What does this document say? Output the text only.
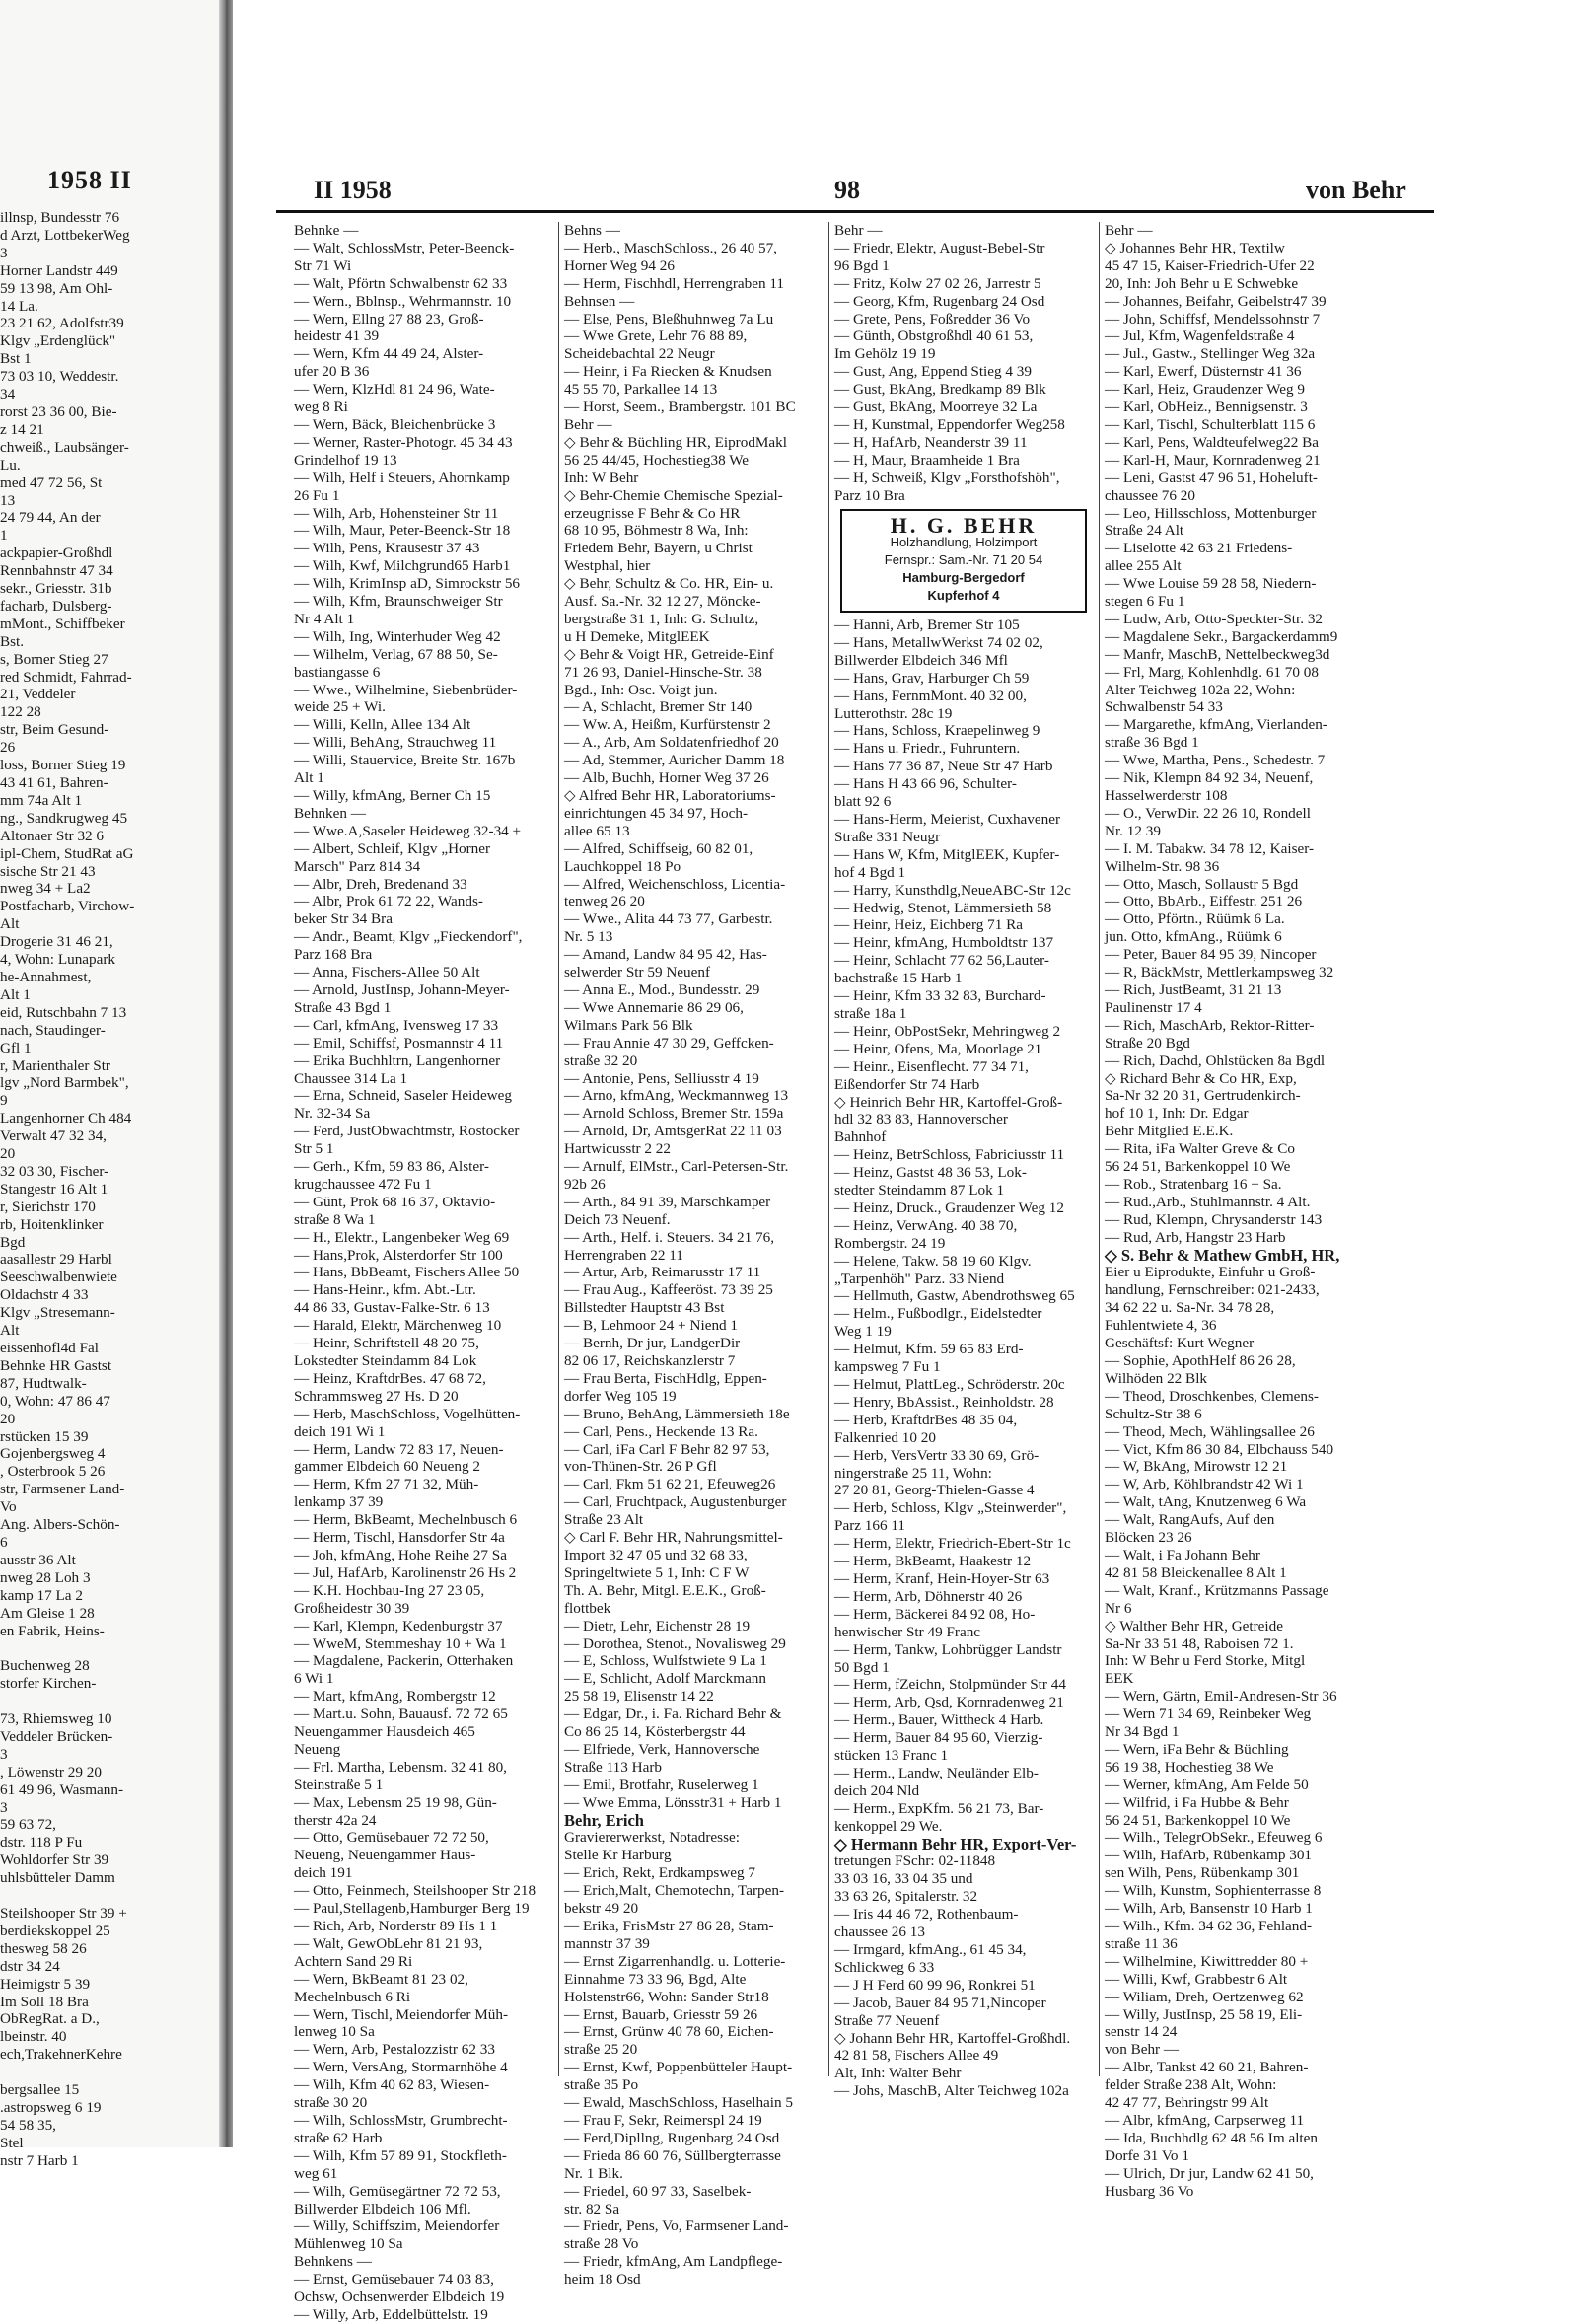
1958 II
illnsp, Bundesstr 76
d Arzt, LottbekerWeg
3
Horner Landstr 449
59 13 98, Am Ohl-
14 La.
23 21 62, Adolfstr39
Klgv „Erdenglück"
Bst 1
73 03 10, Weddestr.
34
rorst 23 36 00, Bie-
z 14 21
chweiß., Laubsänger-
Lu.
med 47 72 56, St
13
24 79 44, An der
1
ackpapier-Großhdl
Rennbahnstr 47 34
sekr., Griesstr. 31b
facharb, Dulsberg-
mMont., Schiffbeker
Bst.
s, Borner Stieg 27
red Schmidt, Fahrrad-
21, Veddeler
122 28
str, Beim Gesund-
26
loss, Borner Stieg 19
43 41 61, Bahren-
mm 74a Alt 1
ng., Sandkrugweg 45
Altonaer Str 32 6
ipl-Chem, StudRat aG
sische Str 21 43
nweg 34 + La2
Postfacharb, Virchow-
Alt
Drogerie 31 46 21,
4, Wohn: Lunapark
he-Annahmest,
Alt 1
eid, Rutschbahn 7 13
nach, Staudinger-
Gfl 1
r, Marienthaler Str
lgv „Nord Barmbek",
9
Langenhorner Ch 484
Verwalt 47 32 34,
20
32 03 30, Fischer-
Stangestr 16 Alt 1
r, Sierichstr 170
rb, Hoitenklinker
Bgd
aasallestr 29 Harbl
Seeschwalbenwiete
Oldachstr 4 33
Klgv „Stresemann-
Alt
eissenhofl4d Fal
Behnke HR Gastst
87, Hudtwalk-
0, Wohn: 47 86 47
20
rstücken 15 39
Gojenbergsweg 4
, Osterbrook 5 26
str, Farmsener Land-
Vo
Ang. Albers-Schön-
6
ausstr 36 Alt
nweg 28 Loh 3
kamp 17 La 2
Am Gleise 1 28
en Fabrik, Heins-

Buchenweg 28
storfer Kirchen-

73, Rhiemsweg 10
Veddeler Brücken-
3
, Löwenstr 29 20
61 49 96, Wasmann-
3
59 63 72,
dstr. 118 P Fu
Wohldorfer Str 39
uhlsbütteler Damm

Steilshooper Str 39 +
berdiekskoppel 25
thesweg 58 26
dstr 34 24
Heimigstr 5 39
Im Soll 18 Bra
ObRegRat. a D.,
lbeinstr. 40
ech,TrakehnerKehre

bergsallee 15
.astropsweg 6 19
54 58 35,
Stel
nstr 7 Harb 1
II 1958	98	von Behr
Behnke —
— Walt, SchlossMstr, Peter-Beenck-
Str 71 Wi
— Walt, Pförtn Schwalbenstr 62 33
— Wern., Bblnsp., Wehrmannstr. 10
— Wern, Ellng 27 88 23, Groß-
heidestr 41 39
— Wern, Kfm 44 49 24, Alster-
ufer 20 B 36
— Wern, KlzHdl 81 24 96, Wate-
weg 8 Ri
— Wern, Bäck, Bleichenbrücke 3
— Werner, Raster-Photogr. 45 34 43
Grindelhof 19 13
— Wilh, Helf i Steuers, Ahornkamp
26 Fu 1
— Wilh, Arb, Hohensteiner Str 11
— Wilh, Maur, Peter-Beenck-Str 18
— Wilh, Pens, Krausestr 37 43
— Wilh, Kwf, Milchgrund65 Harb1
— Wilh, KrimInsp aD, Simrockstr 56
— Wilh, Kfm, Braunschweiger Str
Nr 4 Alt 1
— Wilh, Ing, Winterhuder Weg 42
— Wilhelm, Verlag, 67 88 50, Se-
bastiangasse 6
— Wwe., Wilhelmine, Siebenbrüder-
weide 25 + Wi.
— Willi, Kelln, Allee 134 Alt
— Willi, BehAng, Strauchweg 11
— Willi, Stauervice, Breite Str. 167b
Alt 1
— Willy, kfmAng, Berner Ch 15
Behnken —
— Wwe.A,Saseler Heideweg 32-34 +
— Albert, Schleif, Klgv „Horner
Marsch" Parz 814 34
— Albr, Dreh, Bredenand 33
— Albr, Prok 61 72 22, Wands-
beker Str 34 Bra
— Andr., Beamt, Klgv „Fieckendorf",
Parz 168 Bra
— Anna, Fischers-Allee 50 Alt
— Arnold, JustInsp, Johann-Meyer-
Straße 43 Bgd 1
— Carl, kfmAng, Ivensweg 17 33
— Emil, Schiffsf, Posmannstr 4 11
— Erika Buchhltrn, Langenhorner
Chaussee 314 La 1
— Erna, Schneid, Saseler Heideweg
Nr. 32-34 Sa
— Ferd, JustObwachtmstr, Rostocker
Str 5 1
— Gerh., Kfm, 59 83 86, Alster-
krugchaussee 472 Fu 1
— Günt, Prok 68 16 37, Oktavio-
straße 8 Wa 1
— H., Elektr., Langenbeker Weg 69
— Hans,Prok, Alsterdorfer Str 100
— Hans, BbBeamt, Fischers Allee 50
— Hans-Heinr., kfm. Abt.-Ltr.
44 86 33, Gustav-Falke-Str. 6 13
— Harald, Elektr, Märchenweg 10
— Heinr, Schriftstell 48 20 75,
Lokstedter Steindamm 84 Lok
— Heinz, KraftdrBes. 47 68 72,
Schrammsweg 27 Hs. D 20
— Herb, MaschSchloss, Vogelhütten-
deich 191 Wi 1
— Herm, Landw 72 83 17, Neuen-
gammer Elbdeich 60 Neueng 2
— Herm, Kfm 27 71 32, Müh-
lenkamp 37 39
— Herm, BkBeamt, Mechelnbusch 6
— Herm, Tischl, Hansdorfer Str 4a
— Joh, kfmAng, Hohe Reihe 27 Sa
— Jul, HafArb, Karolinenstr 26 Hs 2
— K.H. Hochbau-Ing 27 23 05,
Großheidestr 30 39
— Karl, Klempn, Kedenburgstr 37
— WweM, Stemmeshay 10 + Wa 1
— Magdalene, Packerin, Otterhaken
6 Wi 1
— Mart, kfmAng, Rombergstr 12
— Mart.u. Sohn, Bauausf. 72 72 65
Neuengammer Hausdeich 465
Neueng
— Frl. Martha, Lebensm. 32 41 80,
Steinstraße 5 1
— Max, Lebensm 25 19 98, Gün-
therstr 42a 24
— Otto, Gemüsebauer 72 72 50,
Neueng, Neuengammer Haus-
deich 191
— Otto, Feinmech, Steilshooper Str 218
— Paul,Stellagenb,Hamburger Berg 19
— Rich, Arb, Norderstr 89 Hs 1 1
— Walt, GewObLehr 81 21 93,
Achtern Sand 29 Ri
— Wern, BkBeamt 81 23 02,
Mechelnbusch 6 Ri
— Wern, Tischl, Meiendorfer Müh-
lenweg 10 Sa
— Wern, Arb, Pestalozzistr 62 33
— Wern, VersAng, Stormarnhöhe 4
— Wilh, Kfm 40 62 83, Wiesen-
straße 30 20
— Wilh, SchlossMstr, Grumbrecht-
straße 62 Harb
— Wilh, Kfm 57 89 91, Stockfleth-
weg 61
— Wilh, Gemüsegärtner 72 72 53,
Billwerder Elbdeich 106 Mfl.
— Willy, Schiffszim, Meiendorfer
Mühlenweg 10 Sa
Behnkens —
— Ernst, Gemüsebauer 74 03 83,
Ochsw, Ochsenwerder Elbdeich 19
— Willy, Arb, Eddelbüttelstr. 19
Behns —
— Herb., MaschSchloss., 26 40 57,
Horner Weg 94 26
— Herm, Fischhdl, Herrengraben 11
Behnsen —
— Else, Pens, Bleßhuhnweg 7a Lu
— Wwe Grete, Lehr 76 88 89,
Scheidebachtal 22 Neugr
— Heinr, i Fa Riecken & Knudsen
45 55 70, Parkallee 14 13
— Horst, Seem., Brambergstr. 101 BC
Behr —
◇ Behr & Büchling HR, EiprodMakl
56 25 44/45, Hochestieg38 We
Inh: W Behr
◇ Behr-Chemie Chemische Spezial-
erzeugnisse F Behr & Co HR
68 10 95, Böhmestr 8 Wa, Inh:
Friedem Behr, Bayern, u Christ
Westphal, hier
◇ Behr, Schultz & Co. HR, Ein- u.
Ausf. Sa.-Nr. 32 12 27, Möncke-
bergstraße 31 1, Inh: G. Schultz,
u H Demeke, MitglEEK
◇ Behr & Voigt HR, Getreide-Einf
71 26 93, Daniel-Hinsche-Str. 38
Bgd., Inh: Osc. Voigt jun.
— A, Schlacht, Bremer Str 140
— Ww. A, Heißm, Kurfürstenstr 2
— A., Arb, Am Soldatenfriedhof 20
— Ad, Stemmer, Auricher Damm 18
— Alb, Buchh, Horner Weg 37 26
◇ Alfred Behr HR, Laboratoriums-
einrichtungen 45 34 97, Hoch-
allee 65 13
— Alfred, Schiffseig, 60 82 01,
Lauchkoppel 18 Po
— Alfred, Weichenschloss, Licentia-
tenweg 26 20
— Wwe., Alita 44 73 77, Garbestr.
Nr. 5 13
— Amand, Landw 84 95 42, Has-
selwerder Str 59 Neuenf
— Anna E., Mod., Bundesstr. 29
— Wwe Annemarie 86 29 06,
Wilmans Park 56 Blk
— Frau Annie 47 30 29, Geffcken-
straße 32 20
— Antonie, Pens, Selliusstr 4 19
— Arno, kfmAng, Weckmannweg 13
— Arnold Schloss, Bremer Str. 159a
— Arnold, Dr, AmtsgerRat 22 11 03
Hartwicusstr 2 22
— Arnulf, ElMstr., Carl-Petersen-Str.
92b 26
— Arth., 84 91 39, Marschkamper
Deich 73 Neuenf.
— Arth., Helf. i. Steuers. 34 21 76,
Herrengraben 22 11
— Artur, Arb, Reimarusstr 17 11
— Frau Aug., Kaffeeröst. 73 39 25
Billstedter Hauptstr 43 Bst
— B, Lehmoor 24 + Niend 1
— Bernh, Dr jur, LandgerDir
82 06 17, Reichskanzlerstr 7
— Frau Berta, FischHdlg, Eppen-
dorfer Weg 105 19
— Bruno, BehAng, Lämmersieth 18e
— Carl, Pens., Heckende 13 Ra.
— Carl, iFa Carl F Behr 82 97 53,
von-Thünen-Str. 26 P Gfl
— Carl, Fkm 51 62 21, Efeuweg26
— Carl, Fruchtpack, Augustenburger
Straße 23 Alt
◇ Carl F. Behr HR, Nahrungsmittel-
Import 32 47 05 und 32 68 33,
Springeltwiete 5 1, Inh: C F W
Th. A. Behr, Mitgl. E.E.K., Groß-
flottbek
— Dietr, Lehr, Eichenstr 28 19
— Dorothea, Stenot., Novalisweg 29
— E, Schloss, Wulfstwiete 9 La 1
— E, Schlicht, Adolf Marckmann
25 58 19, Elisenstr 14 22
— Edgar, Dr., i. Fa. Richard Behr &
Co 86 25 14, Kösterbergstr 44
— Elfriede, Verk, Hannoversche
Straße 113 Harb
— Emil, Brotfahr, Ruselerweg 1
— Wwe Emma, Lönsstr31 + Harb 1
Behr, Erich
Graviererwerkst, Notadresse:
Stelle Kr Harburg
— Erich, Rekt, Erdkampsweg 7
— Erich,Malt, Chemotechn, Tarpen-
bekstr 49 20
— Erika, FrisMstr 27 86 28, Stam-
mannstr 37 39
— Ernst Zigarrenhandlg. u. Lotterie-
Einnahme 73 33 96, Bgd, Alte
Holstenstr66, Wohn: Sander Str18
— Ernst, Bauarb, Griesstr 59 26
— Ernst, Grünw 40 78 60, Eichen-
straße 25 20
— Ernst, Kwf, Poppenbütteler Haupt-
straße 35 Po
— Ewald, MaschSchloss, Haselhain 5
— Frau F, Sekr, Reimerspl 24 19
— Ferd,Dipllng, Rugenbarg 24 Osd
— Frieda 86 60 76, Süllbergterrasse
Nr. 1 Blk.
— Friedel, 60 97 33, Saselbek-
str. 82 Sa
— Friedr, Pens, Vo, Farmsener Land-
straße 28 Vo
— Friedr, kfmAng, Am Landpflege-
heim 18 Osd
Behr —
— Friedr, Elektr, August-Bebel-Str
96 Bgd 1
— Fritz, Kolw 27 02 26, Jarrestr 5
— Georg, Kfm, Rugenbarg 24 Osd
— Grete, Pens, Foßredder 36 Vo
— Günth, Obstgroßhdl 40 61 53,
Im Gehölz 19 19
— Gust, Ang, Eppend Stieg 4 39
— Gust, BkAng, Bredkamp 89 Blk
— Gust, BkAng, Moorreye 32 La
— H, Kunstmal, Eppendorfer Weg258
— H, HafArb, Neanderstr 39 11
— H, Maur, Braamheide 1 Bra
— H, Schweiß, Klgv „Forsthofshöh",
Parz 10 Bra
H. G. BEHR
Holzhandlung, Holzimport
Fernspr.: Sam.-Nr. 71 20 54
Hamburg-Bergedorf
Kupferhof 4
— Hanni, Arb, Bremer Str 105
— Hans, MetallwWerkst 74 02 02,
Billwerder Elbdeich 346 Mfl
— Hans, Grav, Harburger Ch 59
— Hans, FernmMont. 40 32 00,
Lutterothstr. 28c 19
— Hans, Schloss, Kraepelinweg 9
— Hans u. Friedr., Fuhruntern.
— Hans 77 36 87, Neue Str 47 Harb
— Hans H 43 66 96, Schulter-
blatt 92 6
— Hans-Herm, Meierist, Cuxhavener
Straße 331 Neugr
— Hans W, Kfm, MitglEEK, Kupfer-
hof 4 Bgd 1
— Harry, Kunsthdlg,NeueABC-Str 12c
— Hedwig, Stenot, Lämmersieth 58
— Heinr, Heiz, Eichberg 71 Ra
— Heinr, kfmAng, Humboldtstr 137
— Heinr, Schlacht 77 62 56,Lauter-
bachstraße 15 Harb 1
— Heinr, Kfm 33 32 83, Burchard-
straße 18a 1
— Heinr, ObPostSekr, Mehringweg 2
— Heinr, Ofens, Ma, Moorlage 21
— Heinr., Eisenflecht. 77 34 71,
Eißendorfer Str 74 Harb
◇ Heinrich Behr HR, Kartoffel-Groß-
hdl 32 83 83, Hannoverscher
Bahnhof
— Heinz, BetrSchloss, Fabriciusstr 11
— Heinz, Gastst 48 36 53, Lok-
stedter Steindamm 87 Lok 1
— Heinz, Druck., Graudenzer Weg 12
— Heinz, VerwAng. 40 38 70,
Rombergstr. 24 19
— Helene, Takw. 58 19 60 Klgv.
„Tarpenhöh" Parz. 33 Niend
— Hellmuth, Gastw, Abendrothsweg 65
— Helm., Fußbodlgr., Eidelstedter
Weg 1 19
— Helmut, Kfm. 59 65 83 Erd-
kampsweg 7 Fu 1
— Helmut, PlattLeg., Schröderstr. 20c
— Henry, BbAssist., Reinholdstr. 28
— Herb, KraftdrBes 48 35 04,
Falkenried 10 20
— Herb, VersVertr 33 30 69, Grö-
ningerstraße 25 11, Wohn:
27 20 81, Georg-Thielen-Gasse 4
— Herb, Schloss, Klgv „Steinwerder",
Parz 166 11
— Herm, Elektr, Friedrich-Ebert-Str 1c
— Herm, BkBeamt, Haakestr 12
— Herm, Kranf, Hein-Hoyer-Str 63
— Herm, Arb, Döhnerstr 40 26
— Herm, Bäckerei 84 92 08, Ho-
henwischer Str 49 Franc
— Herm, Tankw, Lohbrügger Landstr
50 Bgd 1
— Herm, fZeichn, Stolpmünder Str 44
— Herm, Arb, Qsd, Kornradenweg 21
— Herm., Bauer, Wittheck 4 Harb.
— Herm, Bauer 84 95 60, Vierzig-
stücken 13 Franc 1
— Herm., Landw, Neuländer Elb-
deich 204 Nld
— Herm., ExpKfm. 56 21 73, Bar-
kenkoppel 29 We.
◇ Hermann Behr HR, Export-Ver-
tretungen FSchr: 02-11848
33 03 16, 33 04 35 und
33 63 26, Spitalerstr. 32
— Iris 44 46 72, Rothenbaum-
chaussee 26 13
— Irmgard, kfmAng., 61 45 34,
Schlickweg 6 33
— J H Ferd 60 99 96, Ronkrei 51
— Jacob, Bauer 84 95 71,Nincoper
Straße 77 Neuenf
◇ Johann Behr HR, Kartoffel-Großhdl.
42 81 58, Fischers Allee 49
Alt, Inh: Walter Behr
— Johs, MaschB, Alter Teichweg 102a
Behr —
◇ Johannes Behr HR, Textilw
45 47 15, Kaiser-Friedrich-Ufer 22
20, Inh: Joh Behr u E Schwebke
— Johannes, Beifahr, Geibelstr47 39
— John, Schiffsf, Mendelssohnstr 7
— Jul, Kfm, Wagenfeldstraße 4
— Jul., Gastw., Stellinger Weg 32a
— Karl, Ewerf, Düsternstr 41 36
— Karl, Heiz, Graudenzer Weg 9
— Karl, ObHeiz., Bennigsenstr. 3
— Karl, Tischl, Schulterblatt 115 6
— Karl, Pens, Waldteufelweg22 Ba
— Karl-H, Maur, Kornradenweg 21
— Leni, Gastst 47 96 51, Hoheluft-
chaussee 76 20
— Leo, Hillsschloss, Mottenburger
Straße 24 Alt
— Liselotte 42 63 21 Friedens-
allee 255 Alt
— Wwe Louise 59 28 58, Niedern-
stegen 6 Fu 1
— Ludw, Arb, Otto-Speckter-Str. 32
— Magdalene Sekr., Bargackerdamm9
— Manfr, MaschB, Nettelbeckweg3d
— Frl, Marg, Kohlenhdlg. 61 70 08
Alter Teichweg 102a 22, Wohn:
Schwalbenstr 54 33
— Margarethe, kfmAng, Vierlanden-
straße 36 Bgd 1
— Wwe, Martha, Pens., Schedestr. 7
— Nik, Klempn 84 92 34, Neuenf,
Hasselwerderstr 108
— O., VerwDir. 22 26 10, Rondell
Nr. 12 39
— I. M. Tabakw. 34 78 12, Kaiser-
Wilhelm-Str. 98 36
— Otto, Masch, Sollaustr 5 Bgd
— Otto, BbArb., Eiffestr. 251 26
— Otto, Pförtn., Rüümk 6 La.
jun. Otto, kfmAng., Rüümk 6
— Peter, Bauer 84 95 39, Nincoper
— R, BäckMstr, Mettlerkampsweg 32
— Rich, JustBeamt, 31 21 13
Paulinenstr 17 4
— Rich, MaschArb, Rektor-Ritter-
Straße 20 Bgd
— Rich, Dachd, Ohlstücken 8a Bgdl
◇ Richard Behr & Co HR, Exp,
Sa-Nr 32 20 31, Gertrudenkirch-
hof 10 1, Inh: Dr. Edgar
Behr Mitglied E.E.K.
— Rita, iFa Walter Greve & Co
56 24 51, Barkenkoppel 10 We
— Rob., Stratenbarg 16 + Sa.
— Rud.,Arb., Stuhlmannstr. 4 Alt.
— Rud, Klempn, Chrysanderstr 143
— Rud, Arb, Hangstr 23 Harb
◇ S. Behr & Mathew GmbH, HR,
Eier u Eiprodukte, Einfuhr u Groß-
handlung, Fernschreiber: 021-2433,
34 62 22 u. Sa-Nr. 34 78 28,
Fuhlentwiete 4, 36
Geschäftsf: Kurt Wegner
— Sophie, ApothHelf 86 26 28,
Wilhöden 22 Blk
— Theod, Droschkenbes, Clemens-
Schultz-Str 38 6
— Theod, Mech, Wählingsallee 26
— Vict, Kfm 86 30 84, Elbchauss 540
— W, BkAng, Mirowstr 12 21
— W, Arb, Köhlbrandstr 42 Wi 1
— Walt, tAng, Knutzenweg 6 Wa
— Walt, RangAufs, Auf den
Blöcken 23 26
— Walt, i Fa Johann Behr
42 81 58 Bleickenallee 8 Alt 1
— Walt, Kranf., Krützmanns Passage
Nr 6
◇ Walther Behr HR, Getreide
Sa-Nr 33 51 48, Raboisen 72 1.
Inh: W Behr u Ferd Storke, Mitgl
EEK
— Wern, Gärtn, Emil-Andresen-Str 36
— Wern 71 34 69, Reinbeker Weg
Nr 34 Bgd 1
— Wern, iFa Behr & Büchling
56 19 38, Hochestieg 38 We
— Werner, kfmAng, Am Felde 50
— Wilfrid, i Fa Hubbe & Behr
56 24 51, Barkenkoppel 10 We
— Wilh., TelegrObSekr., Efeuweg 6
— Wilh, HafArb, Rübenkamp 301
sen Wilh, Pens, Rübenkamp 301
— Wilh, Kunstm, Sophienterrasse 8
— Wilh, Arb, Bansenstr 10 Harb 1
— Wilh., Kfm. 34 62 36, Fehland-
straße 11 36
— Wilhelmine, Kiwittredder 80 +
— Willi, Kwf, Grabbestr 6 Alt
— Wiliam, Dreh, Oertzenweg 62
— Willy, JustInsp, 25 58 19, Eli-
senstr 14 24
von Behr —
— Albr, Tankst 42 60 21, Bahren-
felder Straße 238 Alt, Wohn:
42 47 77, Behringstr 99 Alt
— Albr, kfmAng, Carpserweg 11
— Ida, Buchhdlg 62 48 56 Im alten
Dorfe 31 Vo 1
— Ulrich, Dr jur, Landw 62 41 50,
Husbarg 36 Vo
